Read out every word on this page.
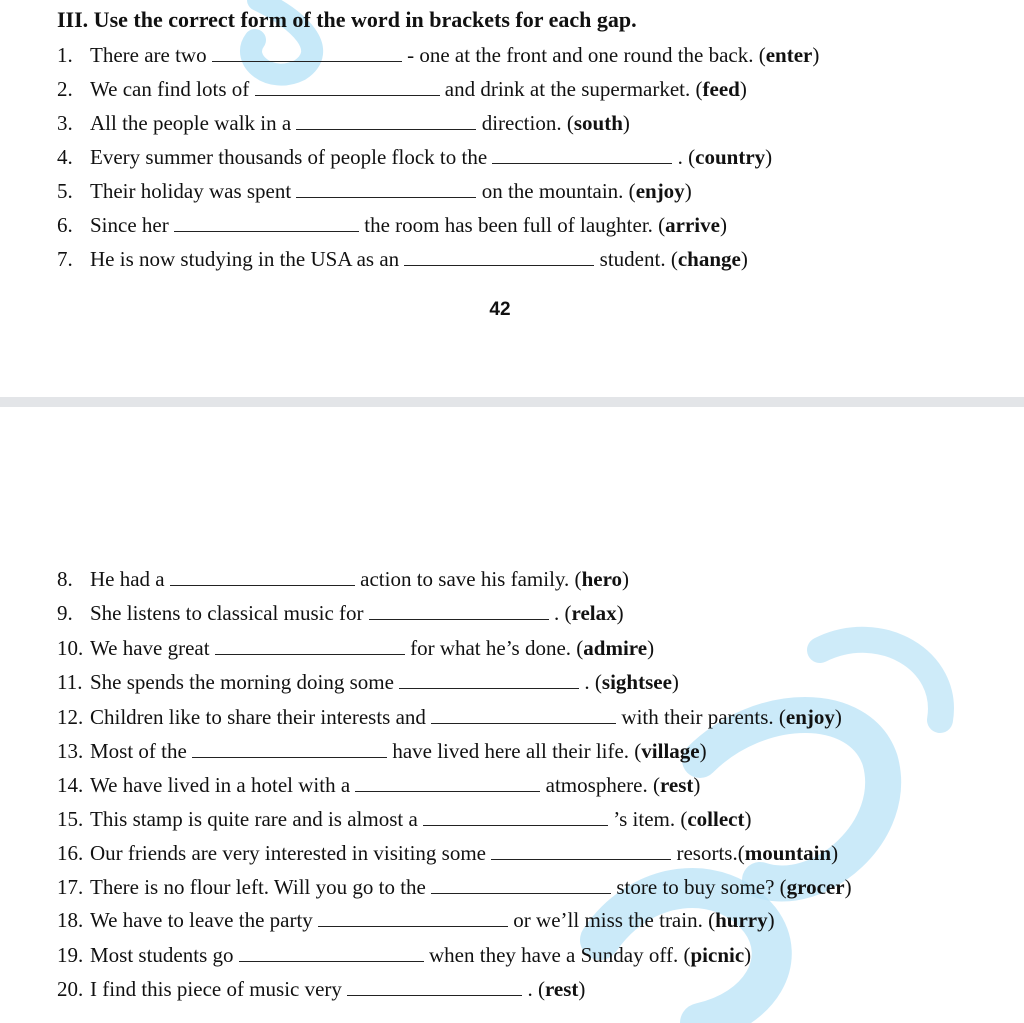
III. Use the correct form of the word in brackets for each gap.
1. There are two	- one at the front and one round the back. (enter)
2. We can find lots of	and drink at the supermarket. (feed)
3. All the people walk in a	direction. (south)
4. Every summer thousands of people flock to the	. (country)
5. Their holiday was spent	on the mountain. (enjoy)
6. Since her	the room has been full of laughter. (arrive)
7. He is now studying in the USA as an	student. (change)
8. He had a	action to save his family. (hero)
9. She listens to classical music for	. (relax)
10. We have great	for what he’s done. (admire)
11. She spends the morning doing some	. (sightsee)
12. Children like to share their interests and	with their parents. (enjoy)
13. Most of the	have lived here all their life. (village)
14. We have lived in a hotel with a	atmosphere. (rest)
15. This stamp is quite rare and is almost a	’s item. (collect)
16. Our friends are very interested in visiting some	resorts.(mountain)
17. There is no flour left. Will you go to the	store to buy some? (grocer)
18. We have to leave the party	or we’ll miss the train. (hurry)
19. Most students go	when they have a Sunday off. (picnic)
20. I find this piece of music very	. (rest)
42
